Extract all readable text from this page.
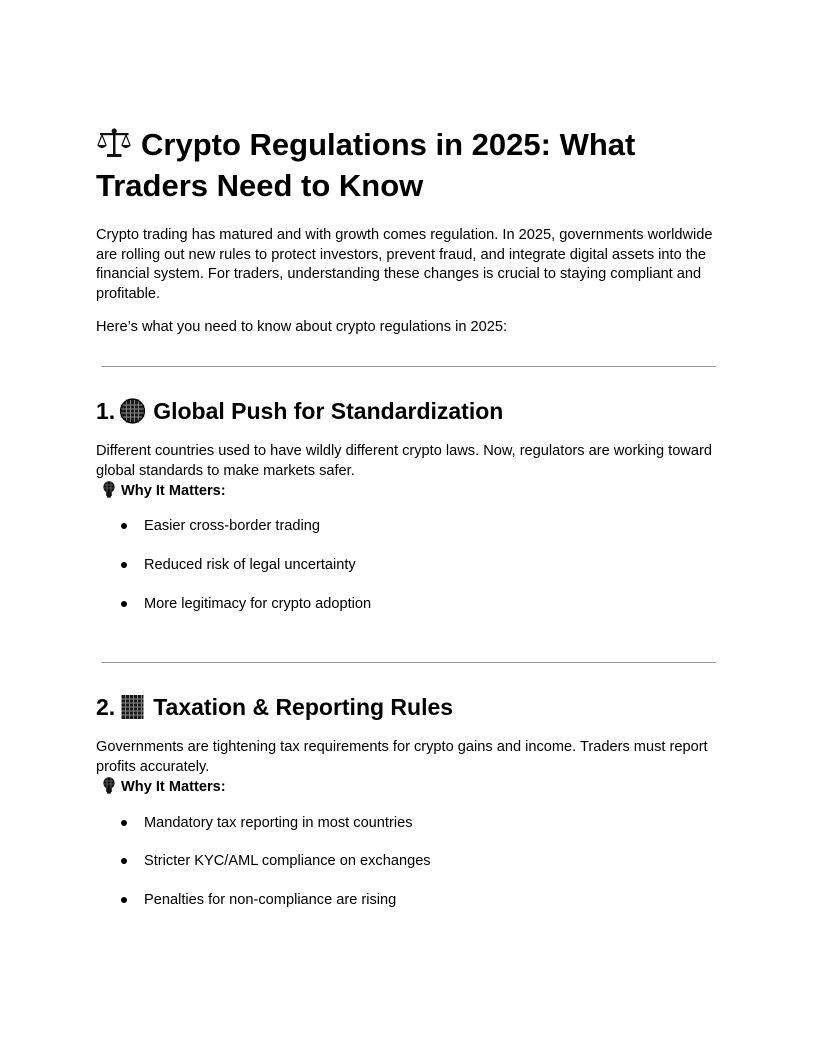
Crypto Regulations in 2025: What Traders Need to Know

Crypto trading has matured and with growth comes regulation. In 2025, governments worldwide are rolling out new rules to protect investors, prevent fraud, and integrate digital assets into the financial system. For traders, understanding these changes is crucial to staying compliant and profitable.

Here’s what you need to know about crypto regulations in 2025:

1. Global Push for Standardization

Different countries used to have wildly different crypto laws. Now, regulators are working toward global standards to make markets safer.

Why It Matters:
Easier cross-border trading
Reduced risk of legal uncertainty
More legitimacy for crypto adoption
2. Taxation & Reporting Rules

Governments are tightening tax requirements for crypto gains and income. Traders must report profits accurately.

Why It Matters:
Mandatory tax reporting in most countries
Stricter KYC/AML compliance on exchanges
Penalties for non-compliance are rising
